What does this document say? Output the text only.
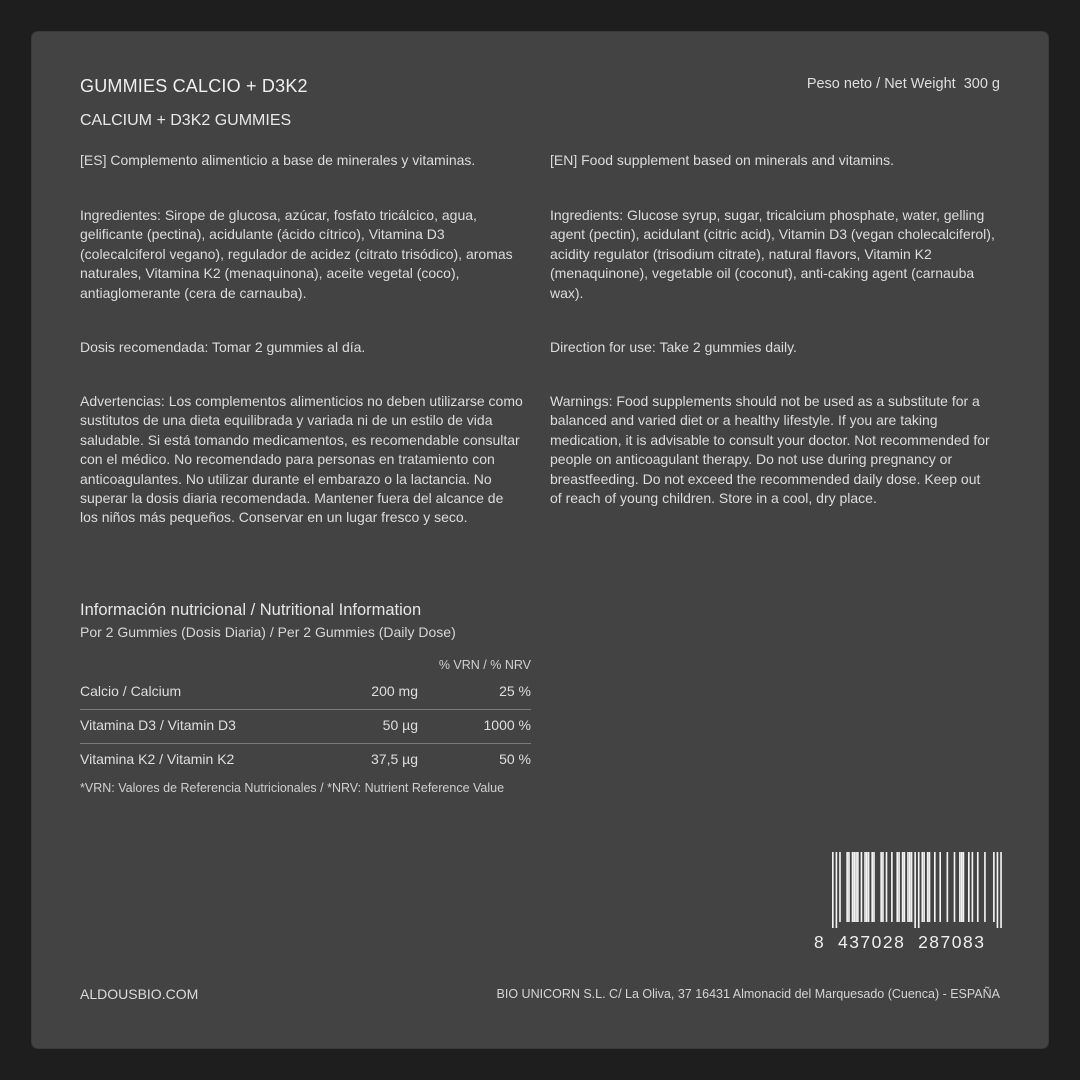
GUMMIES CALCIO + D3K2
CALCIUM + D3K2 GUMMIES
Peso neto / Net Weight  300 g
[ES] Complemento alimenticio a base de minerales y vitaminas.
Ingredientes: Sirope de glucosa, azúcar, fosfato tricálcico, agua, gelificante (pectina), acidulante (ácido cítrico), Vitamina D3 (colecalciferol vegano), regulador de acidez (citrato trisódico), aromas naturales, Vitamina K2 (menaquinona), aceite vegetal (coco), antiaglomerante (cera de carnauba).
Dosis recomendada: Tomar 2 gummies al día.
Advertencias: Los complementos alimenticios no deben utilizarse como sustitutos de una dieta equilibrada y variada ni de un estilo de vida saludable. Si está tomando medicamentos, es recomendable consultar con el médico. No recomendado para personas en tratamiento con anticoagulantes. No utilizar durante el embarazo o la lactancia. No superar la dosis diaria recomendada. Mantener fuera del alcance de los niños más pequeños. Conservar en un lugar fresco y seco.
[EN] Food supplement based on minerals and vitamins.
Ingredients: Glucose syrup, sugar, tricalcium phosphate, water, gelling agent (pectin), acidulant (citric acid), Vitamin D3 (vegan cholecalciferol), acidity regulator (trisodium citrate), natural flavors, Vitamin K2 (menaquinone), vegetable oil (coconut), anti-caking agent (carnauba wax).
Direction for use: Take 2 gummies daily.
Warnings: Food supplements should not be used as a substitute for a balanced and varied diet or a healthy lifestyle. If you are taking medication, it is advisable to consult your doctor. Not recommended for people on anticoagulant therapy. Do not use during pregnancy or breastfeeding. Do not exceed the recommended daily dose. Keep out of reach of young children. Store in a cool, dry place.
Información nutricional / Nutritional Information
Por 2 Gummies (Dosis Diaria) / Per 2 Gummies (Daily Dose)
% VRN / % NRV
Calcio / Calcium	200 mg	25 %
Vitamina D3 / Vitamin D3	50 µg	1000 %
Vitamina K2 / Vitamin K2	37,5 µg	50 %
*VRN: Valores de Referencia Nutricionales / *NRV: Nutrient Reference Value
8  437028  287083
ALDOUSBIO.COM	BIO UNICORN S.L. C/ La Oliva, 37 16431 Almonacid del Marquesado (Cuenca) - ESPAÑA
